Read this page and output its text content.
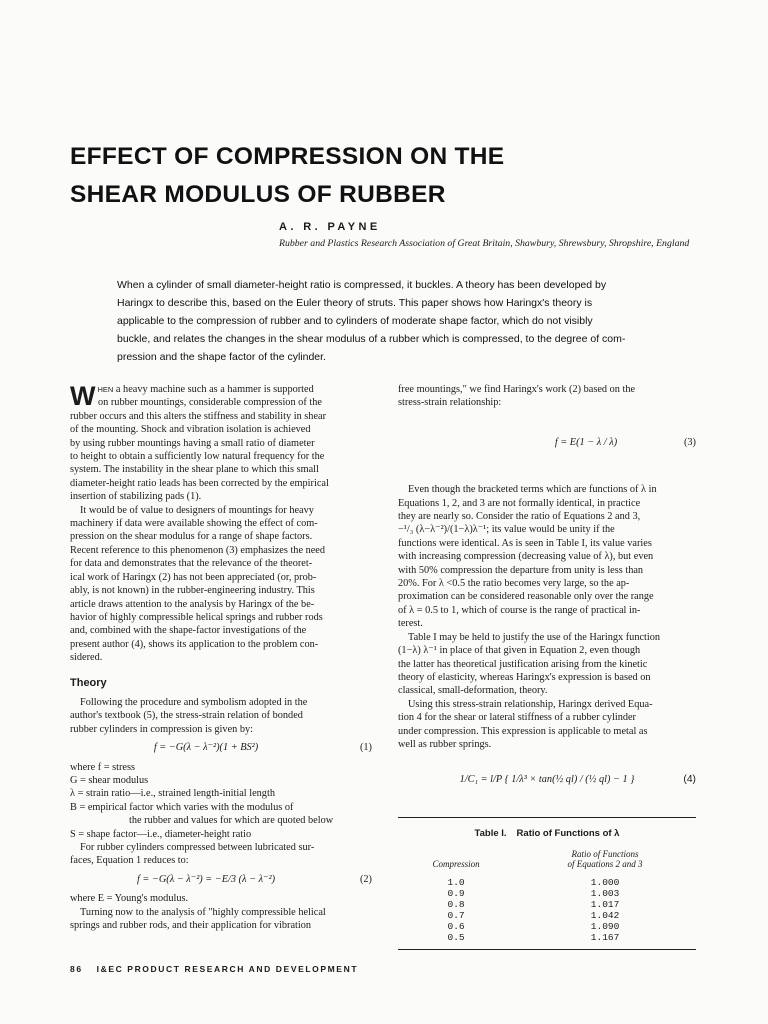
EFFECT OF COMPRESSION ON THE
SHEAR MODULUS OF RUBBER
A. R. PAYNE
Rubber and Plastics Research Association of Great Britain, Shawbury, Shrewsbury, Shropshire, England
When a cylinder of small diameter-height ratio is compressed, it buckles. A theory has been developed by
Haringx to describe this, based on the Euler theory of struts. This paper shows how Haringx's theory is
applicable to the compression of rubber and to cylinders of moderate shape factor, which do not visibly
buckle, and relates the changes in the shear modulus of a rubber which is compressed, to the degree of com-
pression and the shape factor of the cylinder.

WHEN a heavy machine such as a hammer is supported
on rubber mountings, considerable compression of the
rubber occurs and this alters the stiffness and stability in shear
of the mounting. Shock and vibration isolation is achieved
by using rubber mountings having a small ratio of diameter
to height to obtain a sufficiently low natural frequency for the
system. The instability in the shear plane to which this small
diameter-height ratio leads has been corrected by the empirical
insertion of stabilizing pads (1).

It would be of value to designers of mountings for heavy
machinery if data were available showing the effect of com-
pression on the shear modulus for a range of shape factors.
Recent reference to this phenomenon (3) emphasizes the need
for data and demonstrates that the relevance of the theoret-
ical work of Haringx (2) has not been appreciated (or, prob-
ably, is not known) in the rubber-engineering industry. This
article draws attention to the analysis by Haringx of the be-
havior of highly compressible helical springs and rubber rods
and, combined with the shape-factor investigations of the
present author (4), shows its application to the problem con-
sidered.

Theory

Following the procedure and symbolism adopted in the
author's textbook (5), the stress-strain relation of bonded
rubber cylinders in compression is given by:

f = −G(λ − λ⁻²)(1 + BS²)	(1)
where f = stress
G = shear modulus
λ = strain ratio—i.e., strained length-initial length
B = empirical factor which varies with the modulus of
the rubber and values for which are quoted below
S = shape factor—i.e., diameter-height ratio

For rubber cylinders compressed between lubricated sur-
faces, Equation 1 reduces to:

f = −G(λ − λ⁻²) = −E/3 (λ − λ⁻²)	(2)

where E = Young's modulus.
Turning now to the analysis of "highly compressible helical
springs and rubber rods, and their application for vibration

free mountings," we find Haringx's work (2) based on the
stress-strain relationship:

f = E(1 − λ / λ)	(3)

Even though the bracketed terms which are functions of λ in
Equations 1, 2, and 3 are not formally identical, in practice
they are nearly so. Consider the ratio of Equations 2 and 3,
−¹/₃ (λ−λ⁻²)/(1−λ)λ⁻¹; its value would be unity if the
functions were identical. As is seen in Table I, its value varies
with increasing compression (decreasing value of λ), but even
with 50% compression the departure from unity is less than
20%. For λ <0.5 the ratio becomes very large, so the ap-
proximation can be considered reasonable only over the range
of λ = 0.5 to 1, which of course is the range of practical in-
terest.

Table I may be held to justify the use of the Haringx function
(1−λ) λ⁻¹ in place of that given in Equation 2, even though
the latter has theoretical justification arising from the kinetic
theory of elasticity, whereas Haringx's expression is based on
classical, small-deformation, theory.

Using this stress-strain relationship, Haringx derived Equa-
tion 4 for the shear or lateral stiffness of a rubber cylinder
under compression. This expression is applicable to metal as
well as rubber springs.

1/C₁ = l/P { 1/λ³ × tan(½ ql) / (½ ql) − 1 }	(4)
Table I. Ratio of Functions of λ
Compression	Ratio of Functions
of Equations 2 and 3

1.0	1.000
0.9	1.003
0.8	1.017
0.7	1.042
0.6	1.090
0.5	1.167
86 I&EC PRODUCT RESEARCH AND DEVELOPMENT
